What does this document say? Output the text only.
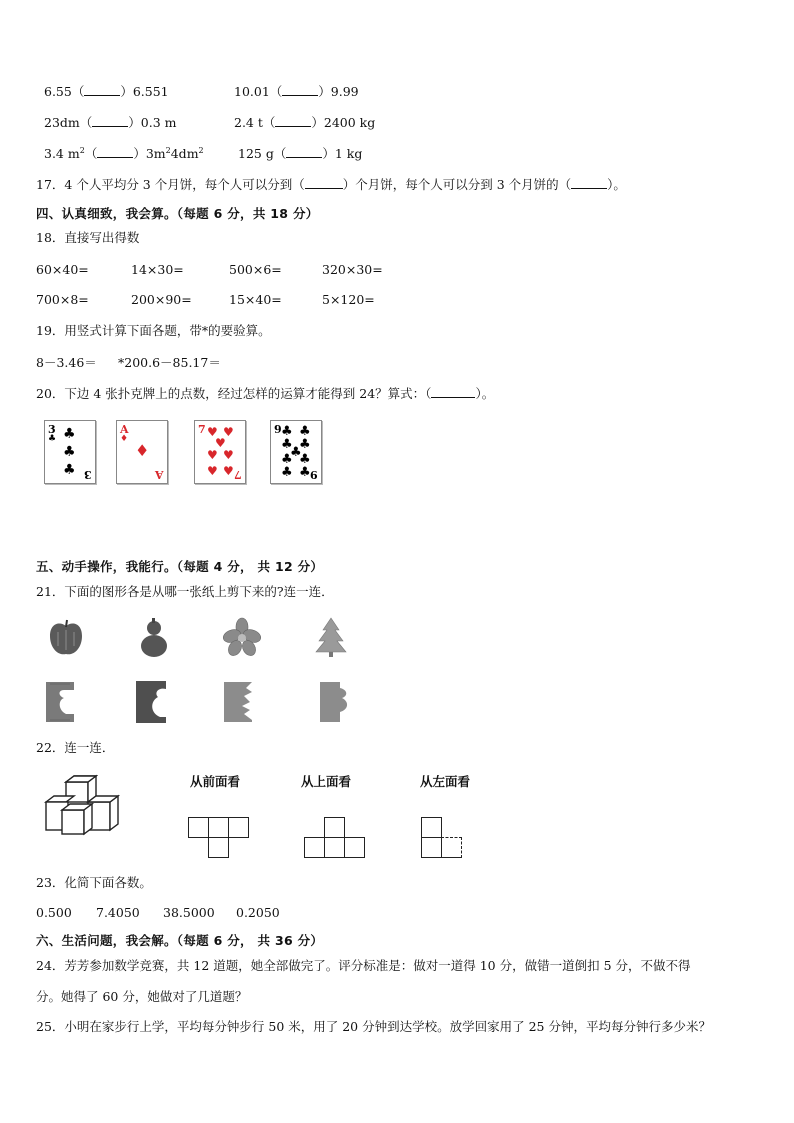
6.55（	）6.551	10.01（	）9.99
23dm（	）0.3 m	2.4 t（	）2400 kg
3.4 $m^2$（	）$3m^24dm^2$	125 g（	）1 kg
17．4 个人平均分 3 个月饼，每个人可以分到（	）个月饼，每个人可以分到 3 个月饼的（	）。
四、认真细致，我会算。（每题 6 分，共 18 分）
18．直接写出得数
60×40=	14×30=	500×6=	320×30=
700×8=	200×90=	15×40=	5×120=
19．用竖式计算下面各题，带*的要验算。
8－3.46＝ *200.6－85.17＝
20．下边 4 张扑克牌上的点数，经过怎样的运算才能得到 24？算式：（	）。
3
♣ ♣
♣
♣ 3
A
♦
♦
A
7 ♥ ♥
♥
♥ ♥
♥ ♥ 7
9 ♣ ♣
♣ ♣
♣
♣ ♣
♣ ♣ 9
五、动手操作，我能行。（每题 4 分， 共 12 分）
21．下面的图形各是从哪一张纸上剪下来的?连一连．
22．连一连．
从前面看	从上面看	从左面看
23．化简下面各数。
0.500 7.4050 38.5000 0.2050
六、生活问题，我会解。（每题 6 分， 共 36 分）
24．芳芳参加数学竞赛，共 12 道题，她全部做完了。评分标准是：做对一道得 10 分，做错一道倒扣 5 分，不做不得
分。她得了 60 分，她做对了几道题？
25．小明在家步行上学，平均每分钟步行 50 米，用了 20 分钟到达学校。放学回家用了 25 分钟，平均每分钟行多少米？
